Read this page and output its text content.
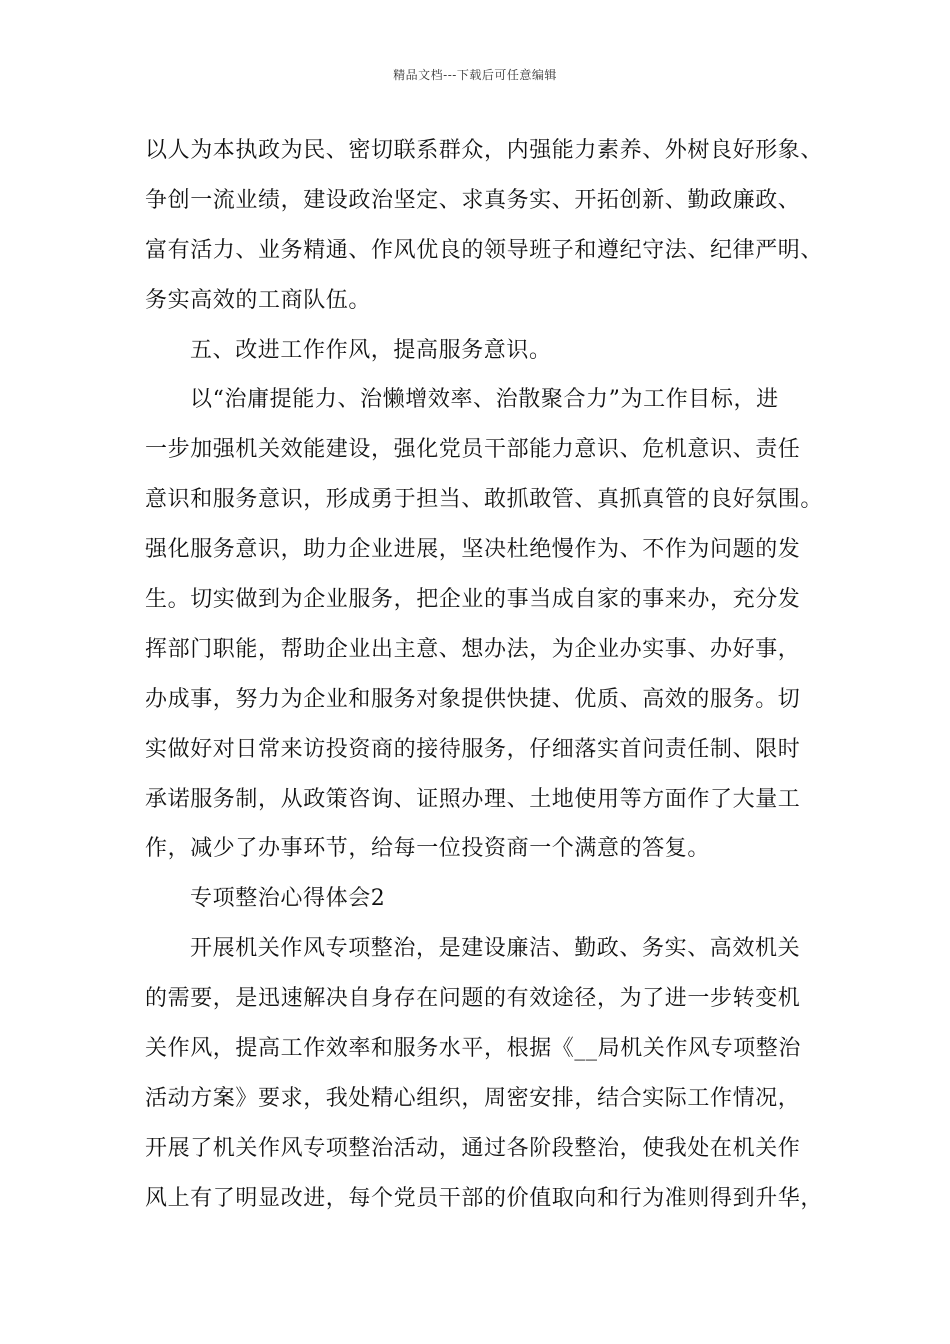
精品文档---下载后可任意编辑
以人为本执政为民、密切联系群众，内强能力素养、外树良好形象、
争创一流业绩，建设政治坚定、求真务实、开拓创新、勤政廉政、
富有活力、业务精通、作风优良的领导班子和遵纪守法、纪律严明、
务实高效的工商队伍。
五、改进工作作风，提高服务意识。
以“治庸提能力、治懒增效率、治散聚合力”为工作目标，进
一步加强机关效能建设，强化党员干部能力意识、危机意识、责任
意识和服务意识，形成勇于担当、敢抓敢管、真抓真管的良好氛围。
强化服务意识，助力企业进展，坚决杜绝慢作为、不作为问题的发
生。切实做到为企业服务，把企业的事当成自家的事来办，充分发
挥部门职能，帮助企业出主意、想办法，为企业办实事、办好事，
办成事，努力为企业和服务对象提供快捷、优质、高效的服务。切
实做好对日常来访投资商的接待服务，仔细落实首问责任制、限时
承诺服务制，从政策咨询、证照办理、土地使用等方面作了大量工
作，减少了办事环节，给每一位投资商一个满意的答复。
专项整治心得体会2
开展机关作风专项整治，是建设廉洁、勤政、务实、高效机关
的需要，是迅速解决自身存在问题的有效途径，为了进一步转变机
关作风，提高工作效率和服务水平，根据《__局机关作风专项整治
活动方案》要求，我处精心组织，周密安排，结合实际工作情况，
开展了机关作风专项整治活动，通过各阶段整治，使我处在机关作
风上有了明显改进，每个党员干部的价值取向和行为准则得到升华，
